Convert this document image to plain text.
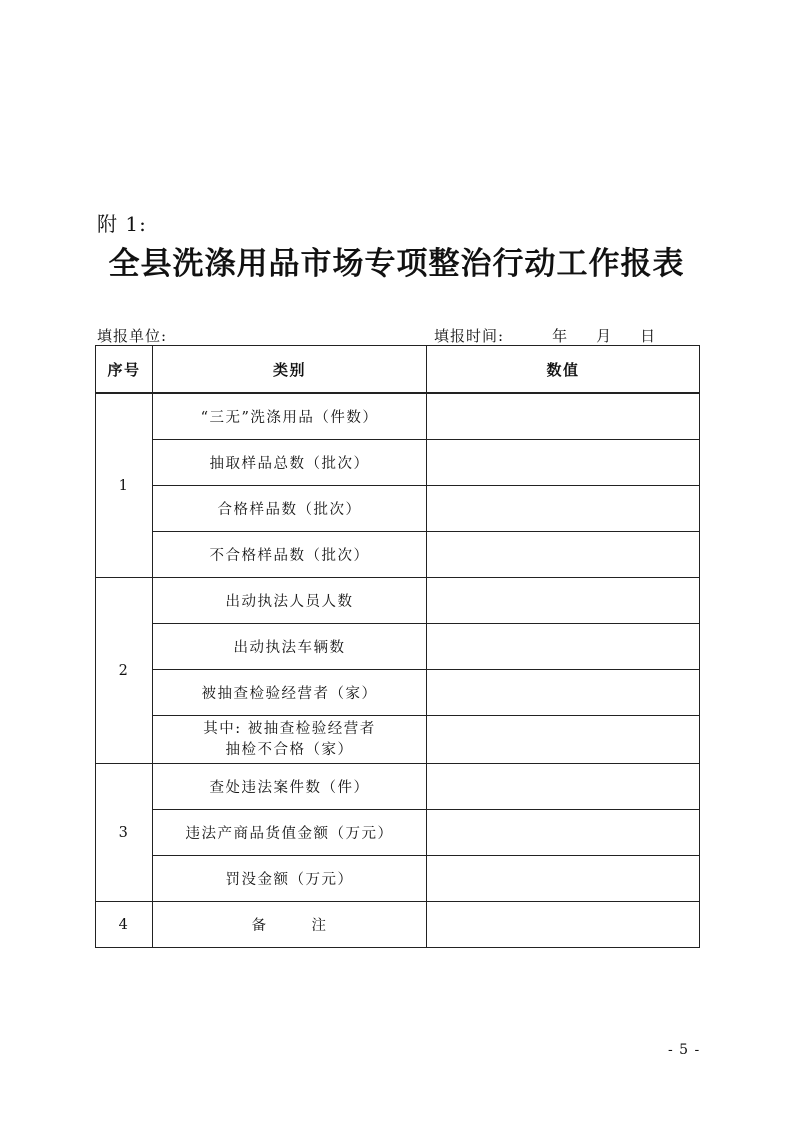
附 1:
全县洗涤用品市场专项整治行动工作报表
填报单位:	填报时间:	年 月 日
序号	类别	数值
1	“三无”洗涤用品（件数）	
	抽取样品总数（批次）	
	合格样品数（批次）	
	不合格样品数（批次）	
2	出动执法人员人数	
	出动执法车辆数	
	被抽查检验经营者（家）	
	其中: 被抽查检验经营者
抽检不合格（家）	
3	查处违法案件数（件）	
	违法产商品货值金额（万元）	
	罚没金额（万元）	
4	备 注	
- 5 -
